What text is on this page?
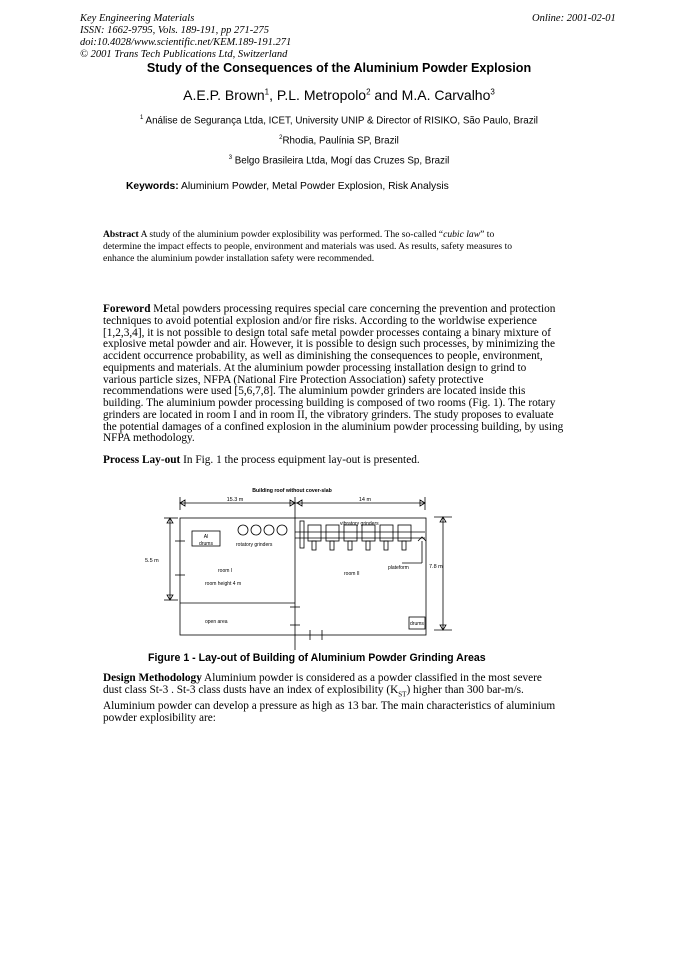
Key Engineering Materials
ISSN: 1662-9795, Vols. 189-191, pp 271-275
doi:10.4028/www.scientific.net/KEM.189-191.271
© 2001 Trans Tech Publications Ltd, Switzerland
Online: 2001-02-01
Study of the Consequences of the Aluminium Powder Explosion
A.E.P. Brown$^1$, P.L. Metropolo$^2$ and M.A. Carvalho$^3$
$^1$ Análise de Segurança Ltda, ICET, University UNIP & Director of RISIKO, São Paulo, Brazil
$^2$Rhodia, Paulínia SP, Brazil
$^3$ Belgo Brasileira Ltda, Mogí das Cruzes Sp, Brazil
Keywords: Aluminium Powder, Metal Powder Explosion, Risk Analysis
Abstract A study of the aluminium powder explosibility was performed. The so-called “cubic law” to
determine the impact effects to people, environment and materials was used. As results, safety measures to
enhance the aluminium powder installation safety were recommended.
Foreword Metal powders processing requires special care concerning the prevention and protection
techniques to avoid potential explosion and/or fire risks. According to the worldwise experience
[1,2,3,4], it is not possible to design total safe metal powder processes containg a binary mixture of
explosive metal powder and air. However, it is possible to design such processes, by minimizing the
accident occurrence probability, as well as diminishing the consequences to people, environment,
equipments and materials. At the aluminium powder processing installation design to grind to
various particle sizes, NFPA (National Fire Protection Association) safety protective
recommendations were used [5,6,7,8]. The aluminium powder grinders are located inside this
building. The aluminium powder processing building is composed of two rooms (Fig. 1). The rotary
grinders are located in room I and in room II, the vibratory grinders. The study proposes to evaluate
the potential damages of a confined explosion in the aluminium powder processing building, by using
NFPA methodology.
Process Lay-out In Fig. 1 the process equipment lay-out is presented.
Building roof without cover-slab
15.3 m	14 m
5.5 m
7.8 m
Al
drums	rotatory grinders
room I
room height 4 m
open area
vibratory grinders
plateform
room II
drums
Figure 1 - Lay-out of Building of Aluminium Powder Grinding Areas
Design Methodology Aluminium powder is considered as a powder classified in the most severe
dust class St-3 . St-3 class dusts have an index of explosibility $(K_{ST})$ higher than 300 bar-m/s.
Aluminium powder can develop a pressure as high as 13 bar. The main characteristics of aluminium
powder explosibility are:
